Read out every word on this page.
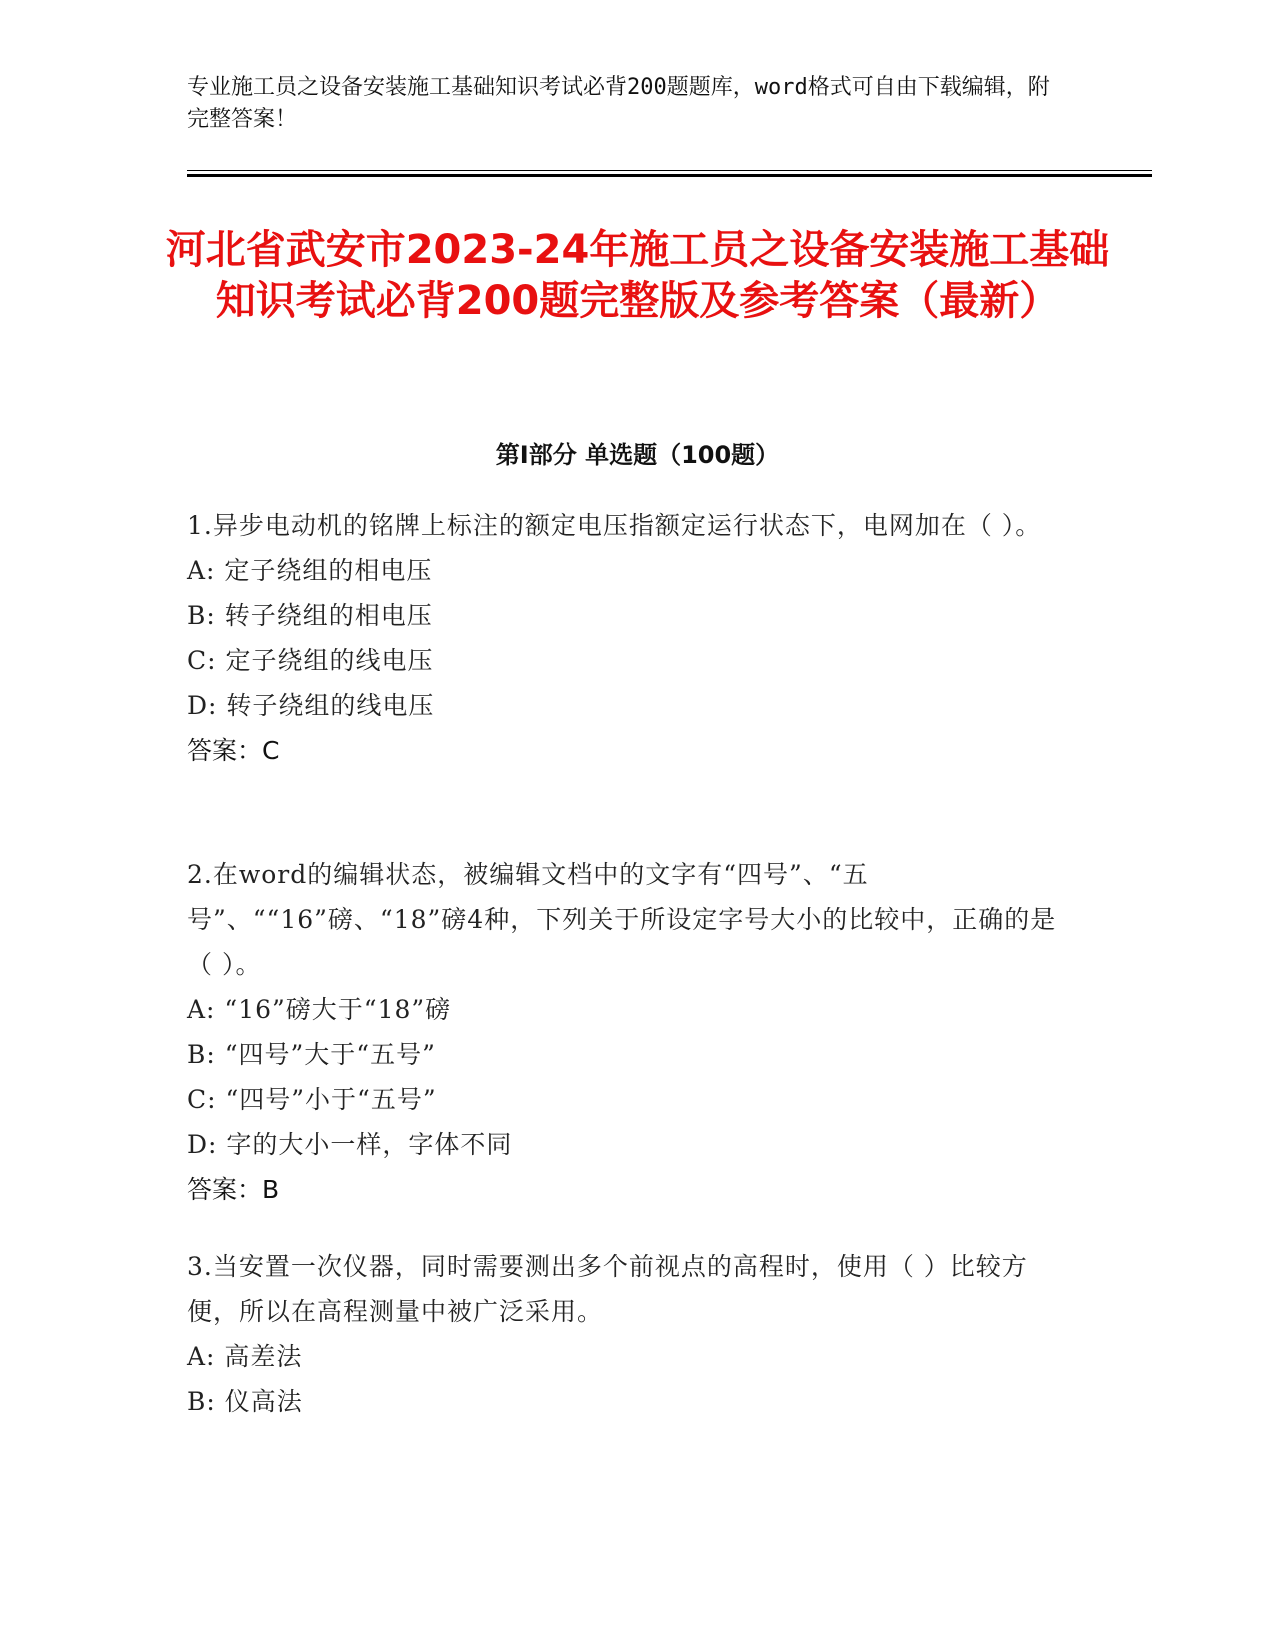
专业施工员之设备安装施工基础知识考试必背200题题库，word格式可自由下载编辑，附完整答案！
河北省武安市2023-24年施工员之设备安装施工基础知识考试必背200题完整版及参考答案（最新）
第Ⅰ部分 单选题（100题）
1.异步电动机的铭牌上标注的额定电压指额定运行状态下，电网加在（ ）。
A: 定子绕组的相电压
B: 转子绕组的相电压
C: 定子绕组的线电压
D: 转子绕组的线电压
答案：C
2.在word的编辑状态，被编辑文档中的文字有“四号”、“五号”、““16”磅、“18”磅4种，下列关于所设定字号大小的比较中，正确的是（ ）。
A: “16”磅大于“18”磅
B: “四号”大于“五号”
C: “四号”小于“五号”
D: 字的大小一样，字体不同
答案：B
3.当安置一次仪器，同时需要测出多个前视点的高程时，使用（ ）比较方便，所以在高程测量中被广泛采用。
A: 高差法
B: 仪高法
